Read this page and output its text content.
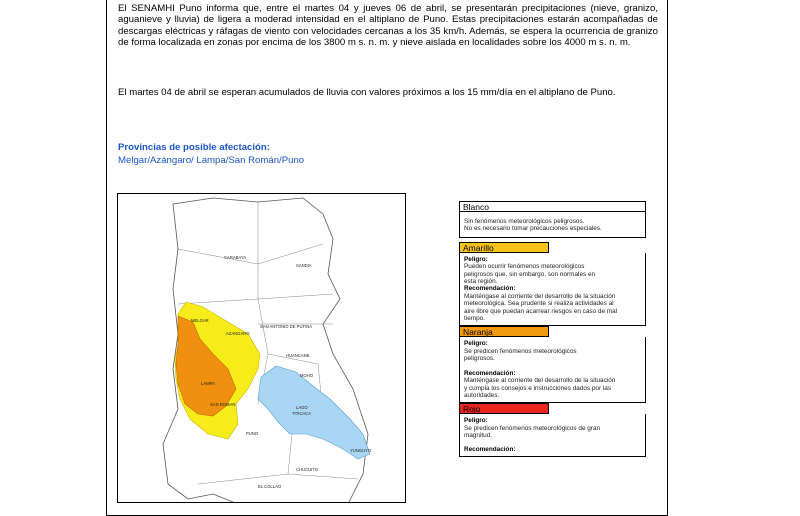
El SENAMHI Puno informa que, entre el martes 04 y jueves 06 de abril, se presentarán precipitaciones (nieve, granizo, aguanieve y lluvia) de ligera a moderad intensidad en el altiplano de Puno. Estas precipitaciones estarán acompañadas de descargas eléctricas y ráfagas de viento con velocidades cercanas a los 35 km/h. Además, se espera la ocurrencia de granizo de forma localizada en zonas por encima de los 3800 m s. n. m. y nieve aislada en localidades sobre los 4000 m s. n. m.
El martes 04 de abril se esperan acumulados de lluvia con valores próximos a los 15 mm/día en el altiplano de Puno.
Provincias de posible afectación:
Melgar/Azángaro/ Lampa/San Román/Puno
CARABAYA
SANDIA
MELGAR
AZANGARO
SAN ANTONIO DE PUTINA
HUANCANE
MOHO
LAMPA
SAN ROMAN
LAGO
TITICACA
PUNO
YUNGUYO
CHUCUITO
EL COLLAO
Blanco
Sin fenómenos meteorológicos peligrosos.
No es necesario tomar precauciones especiales.
Amarillo
Peligro:
Pueden ocurrir fenómenos meteorológicos peligrosos que, sin embargo, son normales en esta región.
Recomendación:
Manténgase al corriente del desarrollo de la situación meteorológica. Sea prudente si realiza actividades al aire libre que puedan acarrear riesgos en caso de mal tiempo.
Naranja
Peligro:
Se predicen fenómenos meteorológicos peligrosos.
Recomendación:
Manténgase al corriente del desarrollo de la situación y cumpla los consejos e instrucciones dados por las autoridades.
Rojo
Peligro:
Se predicen fenómenos meteorológicos de gran magnitud.
Recomendación:
